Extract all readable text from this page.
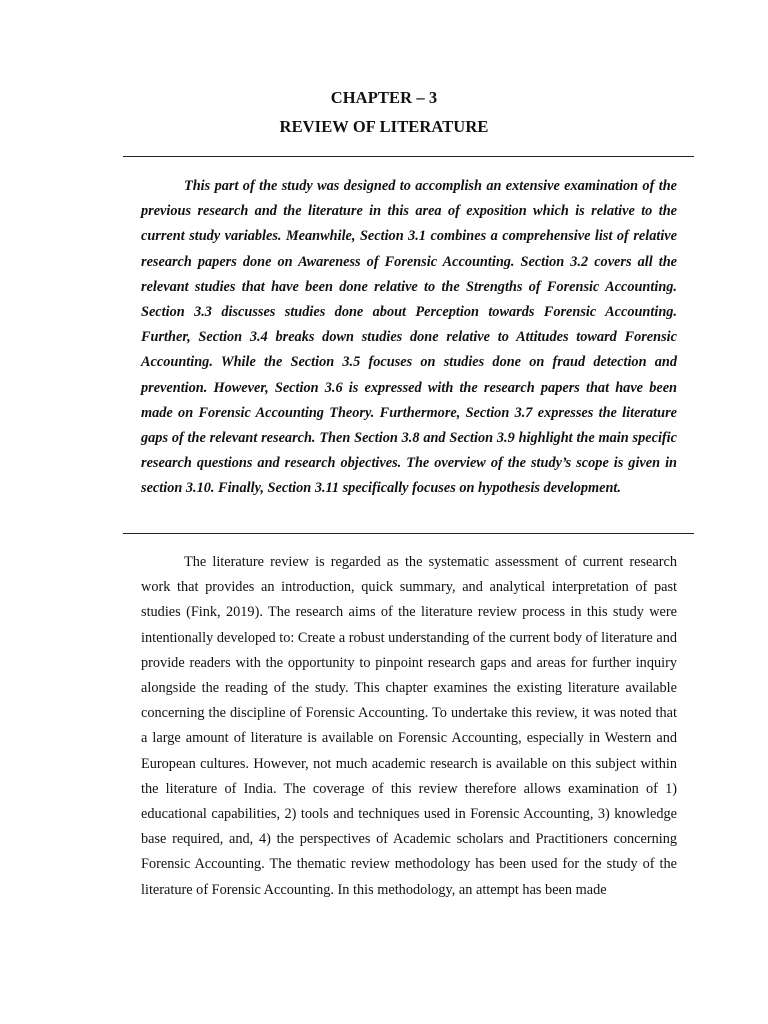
CHAPTER – 3
REVIEW OF LITERATURE

This part of the study was designed to accomplish an extensive examination of the previous research and the literature in this area of exposition which is relative to the current study variables. Meanwhile, Section 3.1 combines a comprehensive list of relative research papers done on Awareness of Forensic Accounting. Section 3.2 covers all the relevant studies that have been done relative to the Strengths of Forensic Accounting. Section 3.3 discusses studies done about Perception towards Forensic Accounting. Further, Section 3.4 breaks down studies done relative to Attitudes toward Forensic Accounting. While the Section 3.5 focuses on studies done on fraud detection and prevention. However, Section 3.6 is expressed with the research papers that have been made on Forensic Accounting Theory. Furthermore, Section 3.7 expresses the literature gaps of the relevant research. Then Section 3.8 and Section 3.9 highlight the main specific research questions and research objectives. The overview of the study’s scope is given in section 3.10. Finally, Section 3.11 specifically focuses on hypothesis development.

The literature review is regarded as the systematic assessment of current research work that provides an introduction, quick summary, and analytical interpretation of past studies (Fink, 2019). The research aims of the literature review process in this study were intentionally developed to: Create a robust understanding of the current body of literature and provide readers with the opportunity to pinpoint research gaps and areas for further inquiry alongside the reading of the study. This chapter examines the existing literature available concerning the discipline of Forensic Accounting. To undertake this review, it was noted that a large amount of literature is available on Forensic Accounting, especially in Western and European cultures. However, not much academic research is available on this subject within the literature of India. The coverage of this review therefore allows examination of 1) educational capabilities, 2) tools and techniques used in Forensic Accounting, 3) knowledge base required, and, 4) the perspectives of Academic scholars and Practitioners concerning Forensic Accounting. The thematic review methodology has been used for the study of the literature of Forensic Accounting. In this methodology, an attempt has been made
